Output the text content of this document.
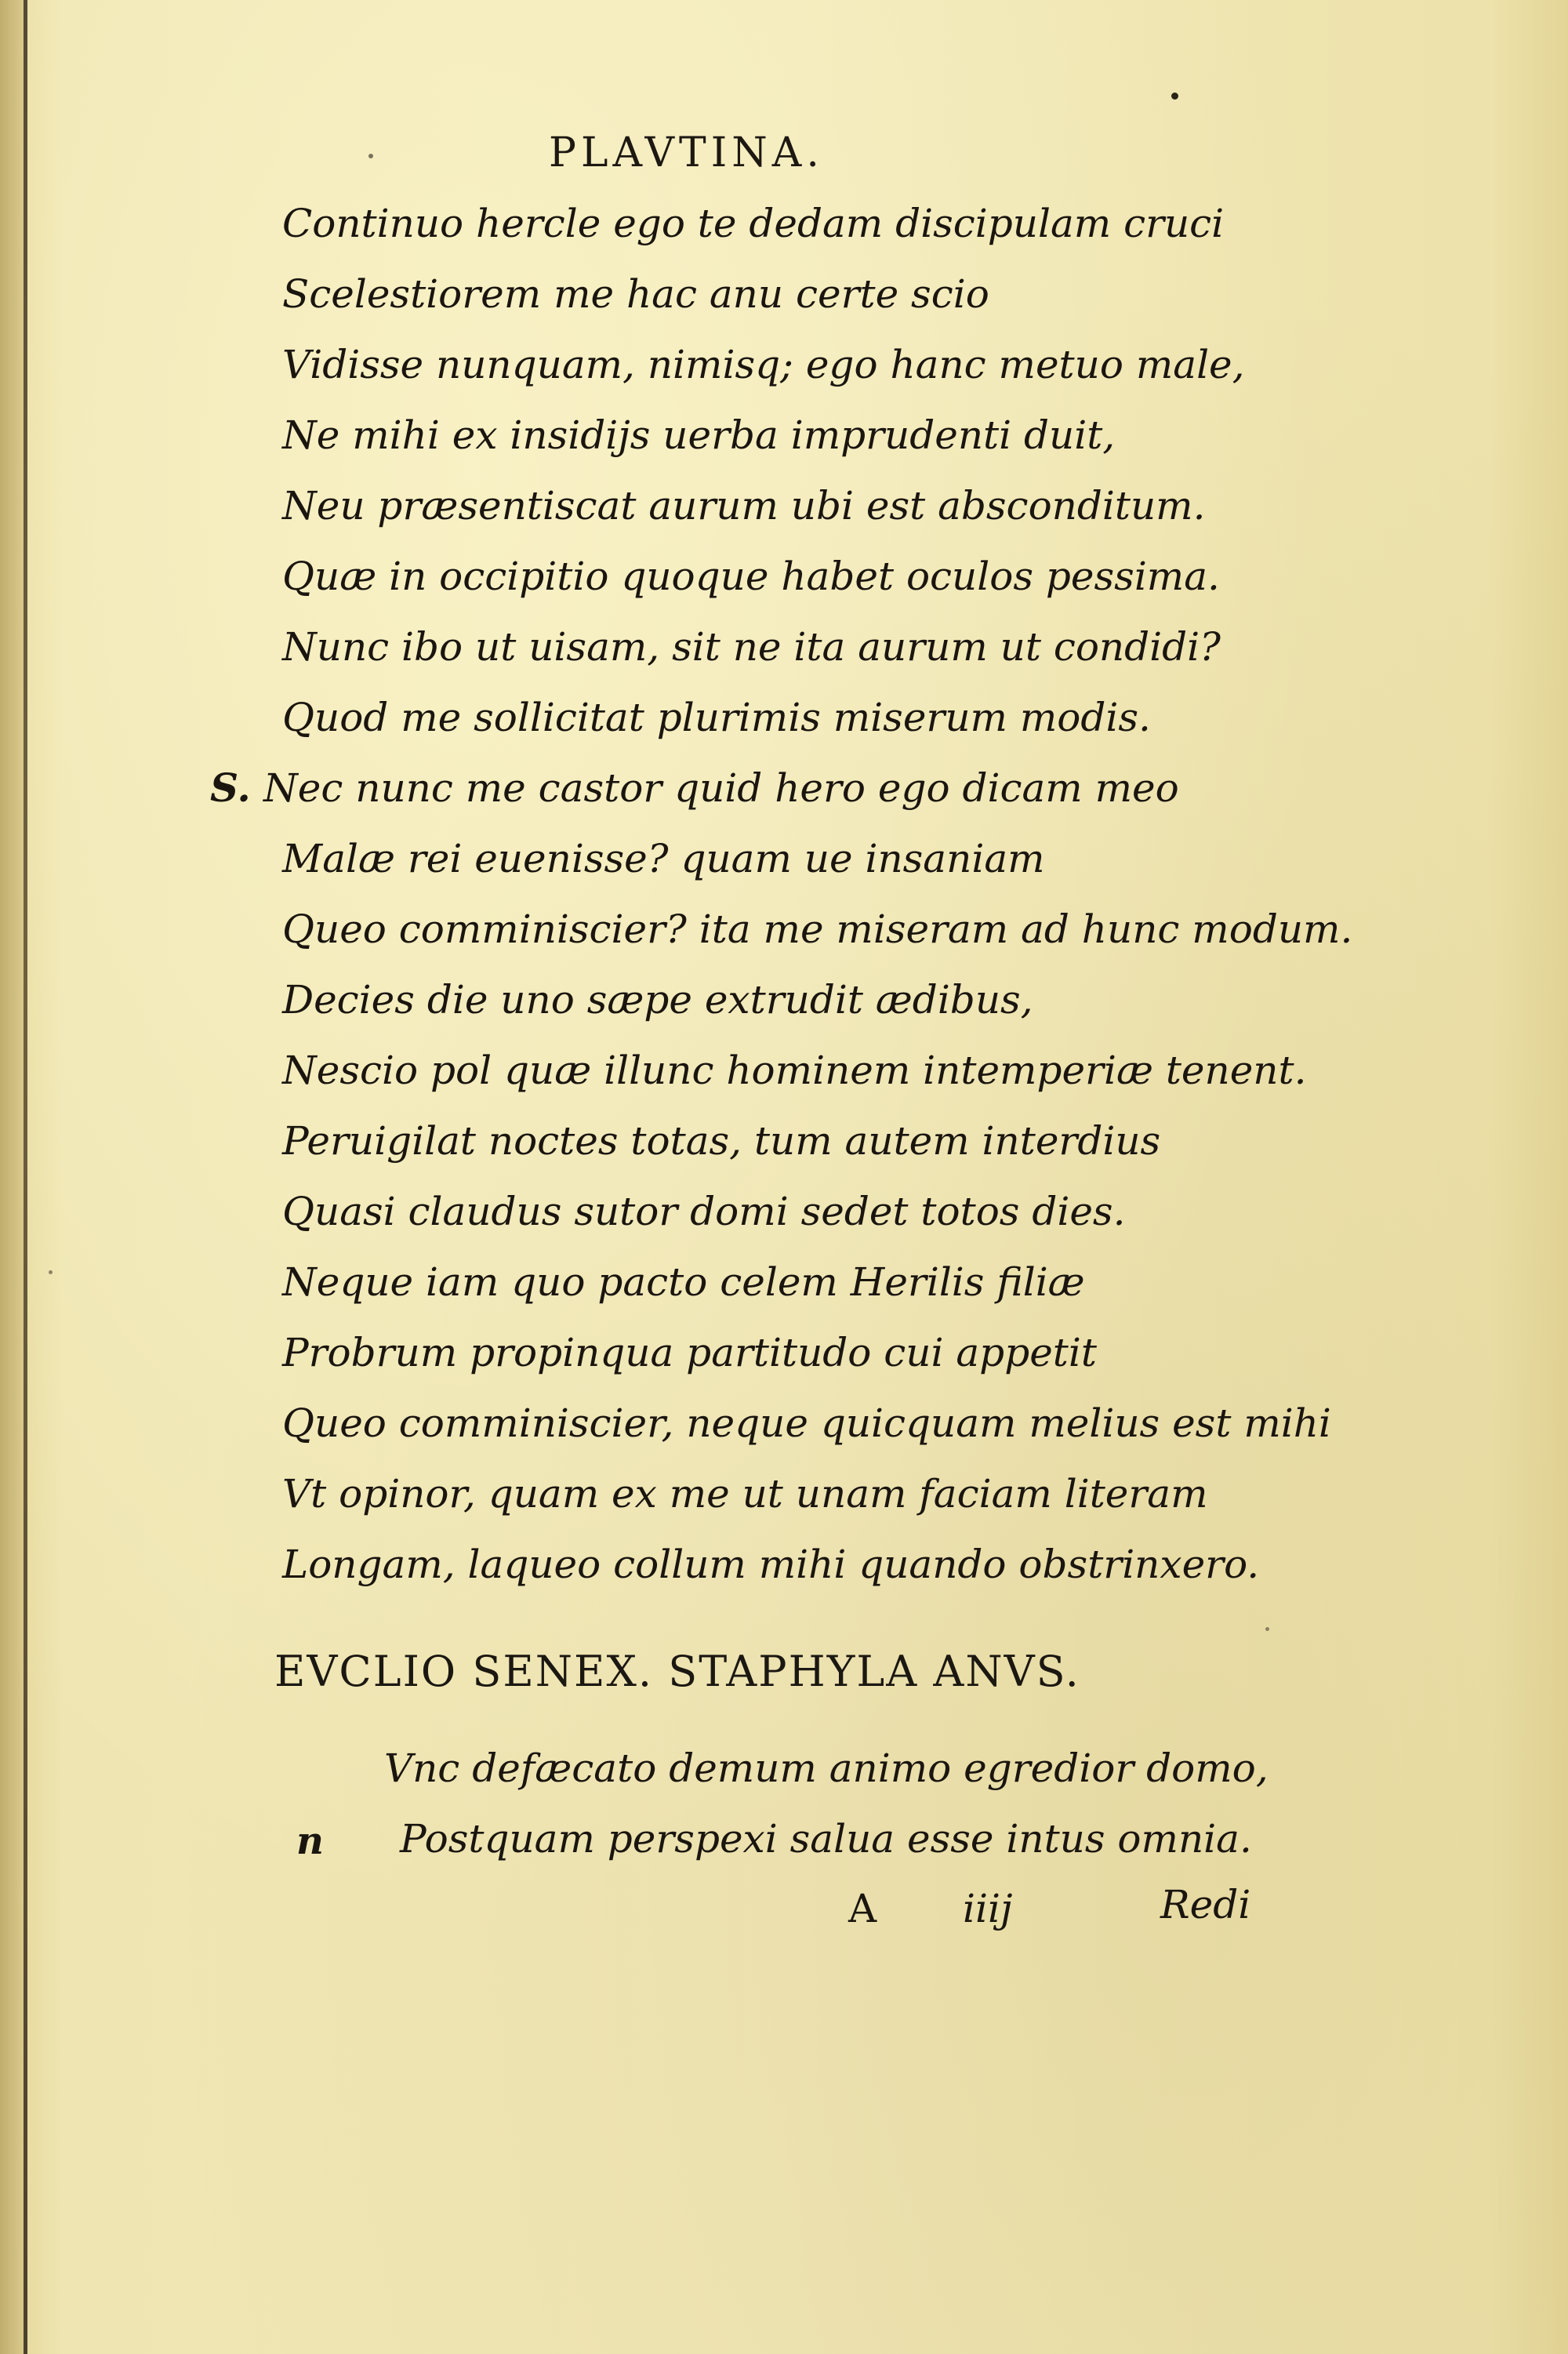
PLAVTINA.
Continuo hercle ego te dedam discipulam cruci
Scelestiorem me hac anu certe scio
Vidisse nunquam, nimisq; ego hanc metuo male,
Ne mihi ex insidijs uerba imprudenti duit,
Neu præsentiscat aurum ubi est absconditum.
Quæ in occipitio quoque habet oculos pessima.
Nunc ibo ut uisam, sit ne ita aurum ut condidi?
Quod me sollicitat plurimis miserum modis.
S. Nec nunc me castor quid hero ego dicam meo
Malæ rei euenisse? quam ue insaniam
Queo comminiscier? ita me miseram ad hunc modum.
Decies die uno sæpe extrudit ædibus,
Nescio pol quæ illunc hominem intemperiæ tenent.
Peruigilat noctes totas, tum autem interdius
Quasi claudus sutor domi sedet totos dies.
Neque iam quo pacto celem Herilis filiæ
Probrum propinqua partitudo cui appetit
Queo comminiscier, neque quicquam melius est mihi
Vt opinor, quam ex me ut unam faciam literam
Longam, laqueo collum mihi quando obstrinxero.
EVCLIO SENEX. STAPHYLA ANVS.
Vnc defæcato demum animo egredior domo,
n Postquam perspexi salua esse intus omnia.
A iiij	Redi
